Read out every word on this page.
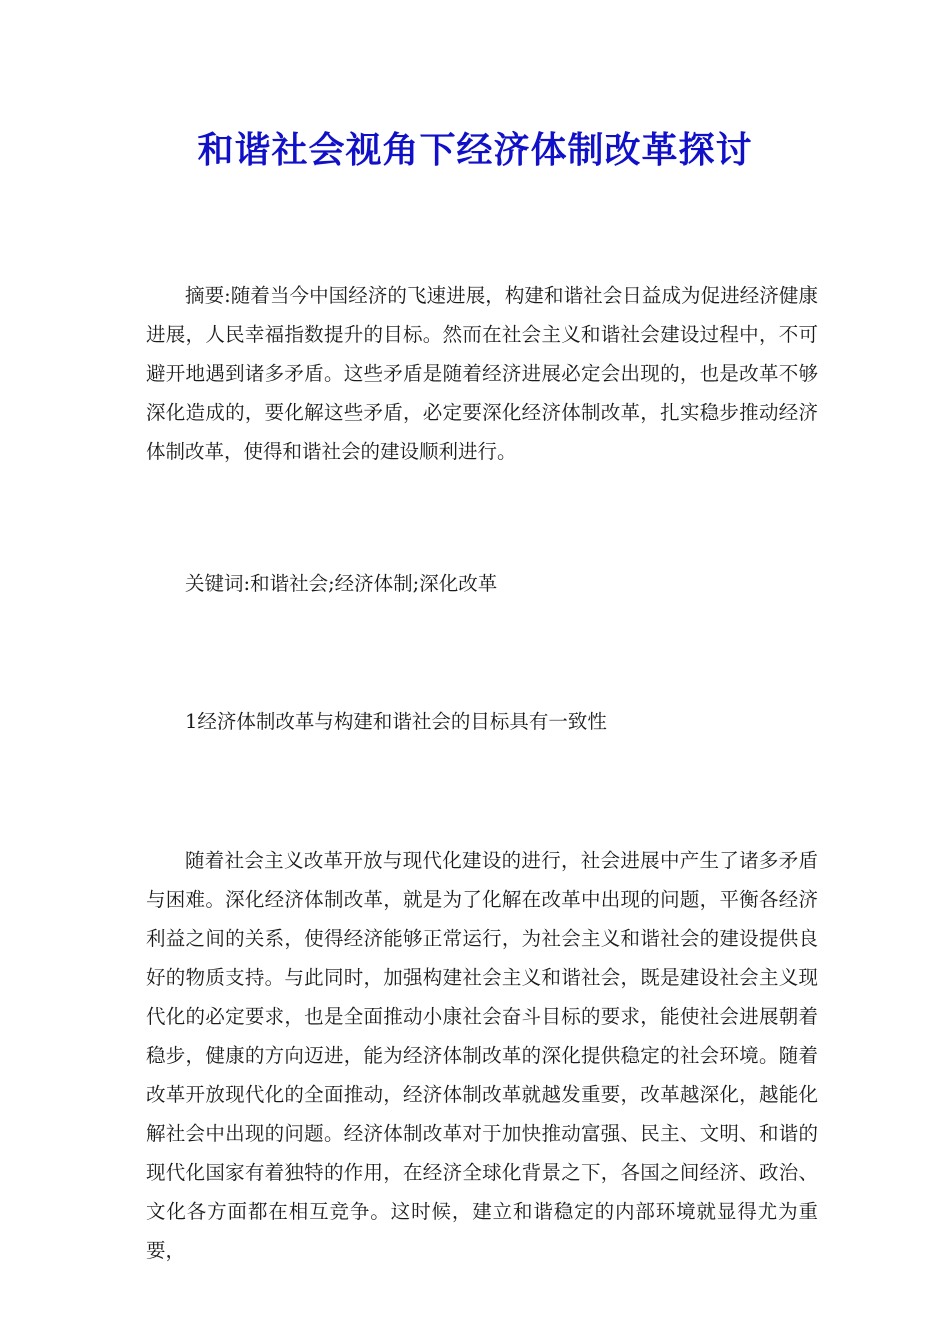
和谐社会视角下经济体制改革探讨

摘要:随着当今中国经济的飞速进展，构建和谐社会日益成为促进经济健康进展，人民幸福指数提升的目标。然而在社会主义和谐社会建设过程中，不可避开地遇到诸多矛盾。这些矛盾是随着经济进展必定会出现的，也是改革不够深化造成的，要化解这些矛盾，必定要深化经济体制改革，扎实稳步推动经济体制改革，使得和谐社会的建设顺利进行。

关键词:和谐社会;经济体制;深化改革

1经济体制改革与构建和谐社会的目标具有一致性

随着社会主义改革开放与现代化建设的进行，社会进展中产生了诸多矛盾与困难。深化经济体制改革，就是为了化解在改革中出现的问题，平衡各经济利益之间的关系，使得经济能够正常运行，为社会主义和谐社会的建设提供良好的物质支持。与此同时，加强构建社会主义和谐社会，既是建设社会主义现代化的必定要求，也是全面推动小康社会奋斗目标的要求，能使社会进展朝着稳步，健康的方向迈进，能为经济体制改革的深化提供稳定的社会环境。随着改革开放现代化的全面推动，经济体制改革就越发重要，改革越深化，越能化解社会中出现的问题。经济体制改革对于加快推动富强、民主、文明、和谐的现代化国家有着独特的作用，在经济全球化背景之下，各国之间经济、政治、文化各方面都在相互竞争。这时候，建立和谐稳定的内部环境就显得尤为重要，
